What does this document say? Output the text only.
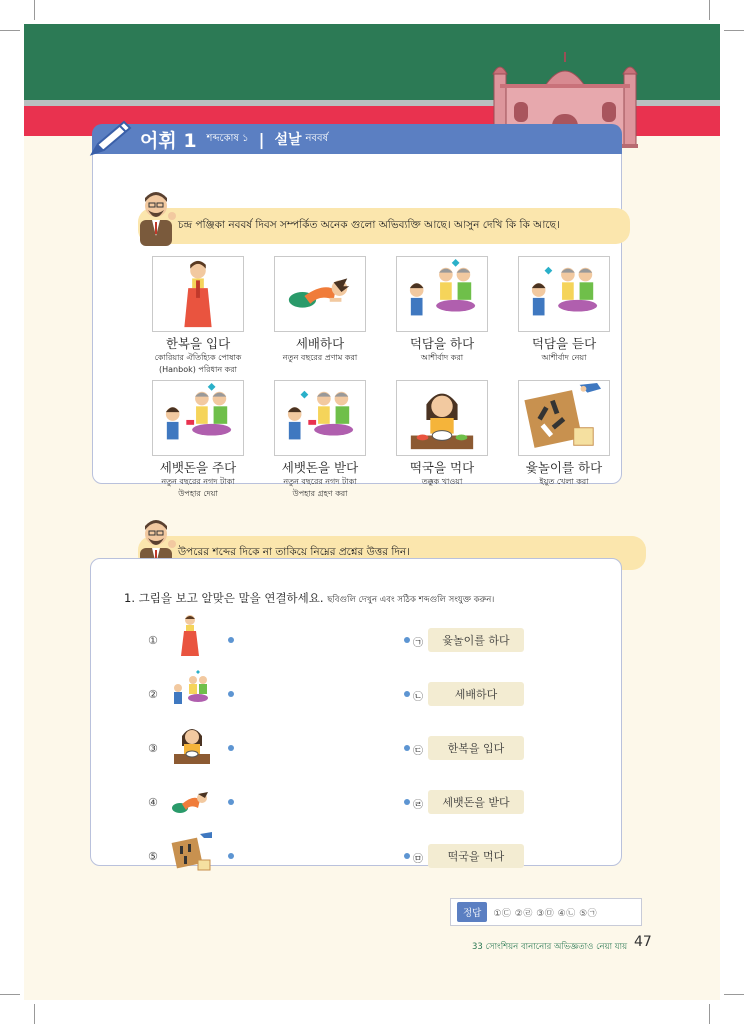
어휘 1 শব্দকোষ ১ | 설날 নববর্ষ
চন্দ্র পঞ্জিকা নববর্ষ দিবস সম্পর্কিত অনেক গুলো অভিব্যক্তি আছে। আসুন দেখি কি কি আছে।
한복을 입다
কোরিয়ার ঐতিহ্যিক পোষাক
(Hanbok) পরিধান করা
세배하다
নতুন বছরের প্রণাম করা
덕담을 하다
আশীর্বাদ করা
덕담을 듣다
আশীর্বাদ নেয়া
세뱃돈을 주다
নতুন বছরের নগদ টাকা
উপহার দেয়া
세뱃돈을 받다
নতুন বছরের নগদ টাকা
উপহার গ্রহণ করা
떡국을 먹다
তক্কুক খাওয়া
윷놀이를 하다
ইয়ুত খেলা করা
উপরের শব্দের দিকে না তাকিয়ে নিম্নের প্রশ্নের উত্তর দিন।
1. 그림을 보고 알맞은 말을 연결하세요. ছবিগুলি দেখুন এবং সঠিক শব্দগুলি সংযুক্ত করুন।
①	㉠	윷놀이를 하다
②	㉡	세배하다
③	㉢	한복을 입다
④	㉣	세뱃돈을 받다
⑤	㉤	떡국을 먹다
정답	①㉢ ②㉣ ③㉤ ④㉡ ⑤㉠
33 সোংশিয়ন বানানোর অভিজ্ঞতাও নেয়া যায় 47
